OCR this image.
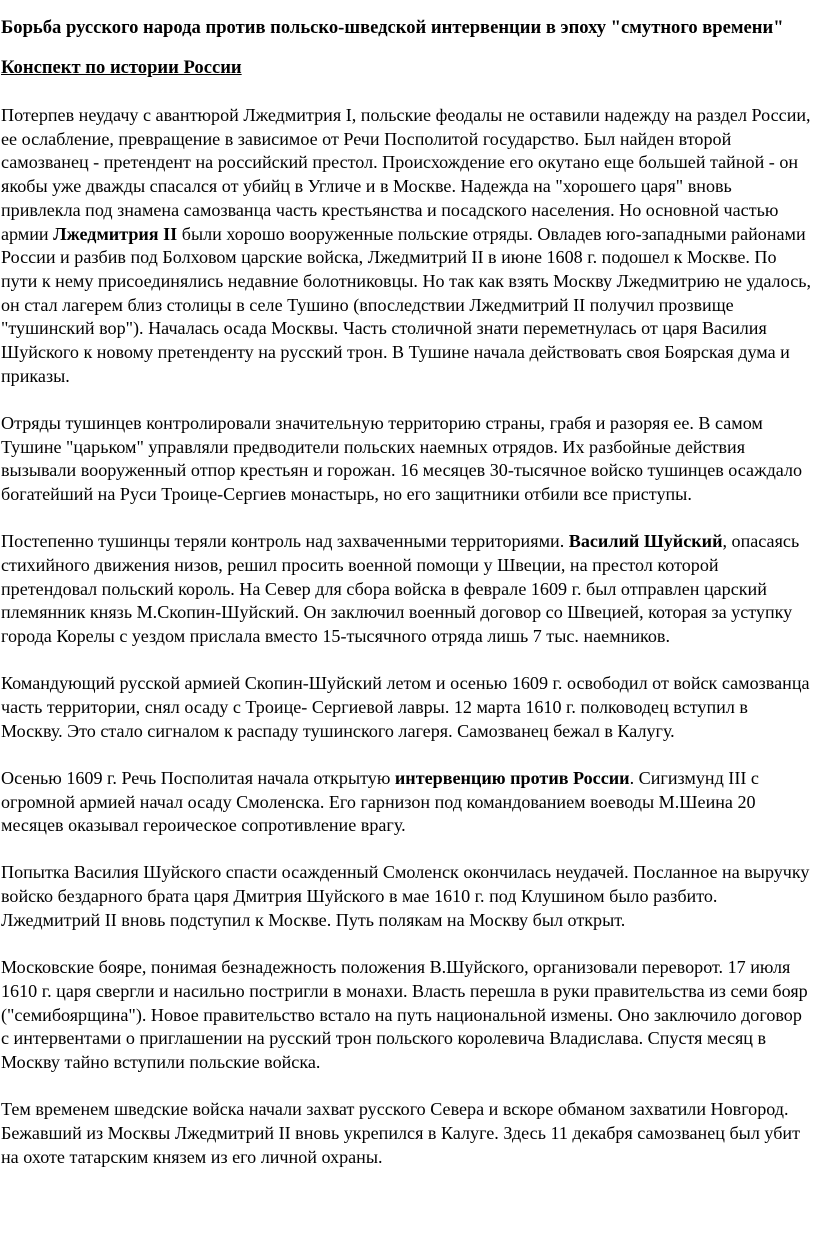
Борьба русского народа против польско-шведской интервенции в эпоху "смутного времени"
Конспект по истории России

Потерпев неудачу с авантюрой Лжедмитрия I, польские феодалы не оставили надежду на раздел России, ее ослабление, превращение в зависимое от Речи Посполитой государство. Был найден второй самозванец - претендент на российский престол. Происхождение его окутано еще большей тайной - он якобы уже дважды спасался от убийц в Угличе и в Москве. Надежда на "хорошего царя" вновь привлекла под знамена самозванца часть крестьянства и посадского населения. Но основной частью армии Лжедмитрия II были хорошо вооруженные польские отряды. Овладев юго-западными районами России и разбив под Болховом царские войска, Лжедмитрий II в июне 1608 г. подошел к Москве. По пути к нему присоединялись недавние болотниковцы. Но так как взять Москву Лжедмитрию не удалось, он стал лагерем близ столицы в селе Тушино (впоследствии Лжедмитрий II получил прозвище "тушинский вор"). Началась осада Москвы. Часть столичной знати переметнулась от царя Василия Шуйского к новому претенденту на русский трон. В Тушине начала действовать своя Боярская дума и приказы.

Отряды тушинцев контролировали значительную территорию страны, грабя и разоряя ее. В самом Тушине "царьком" управляли предводители польских наемных отрядов. Их разбойные действия вызывали вооруженный отпор крестьян и горожан. 16 месяцев 30-тысячное войско тушинцев осаждало богатейший на Руси Троице-Сергиев монастырь, но его защитники отбили все приступы.

Постепенно тушинцы теряли контроль над захваченными территориями. Василий Шуйский, опасаясь стихийного движения низов, решил просить военной помощи у Швеции, на престол которой претендовал польский король. На Север для сбора войска в феврале 1609 г. был отправлен царский племянник князь М.Скопин-Шуйский. Он заключил военный договор со Швецией, которая за уступку города Корелы с уездом прислала вместо 15-тысячного отряда лишь 7 тыс. наемников.

Командующий русской армией Скопин-Шуйский летом и осенью 1609 г. освободил от войск самозванца часть территории, снял осаду с Троице- Сергиевой лавры. 12 марта 1610 г. полководец вступил в Москву. Это стало сигналом к распаду тушинского лагеря. Самозванец бежал в Калугу.

Осенью 1609 г. Речь Посполитая начала открытую интервенцию против России. Сигизмунд III с огромной армией начал осаду Смоленска. Его гарнизон под командованием воеводы М.Шеина 20 месяцев оказывал героическое сопротивление врагу.

Попытка Василия Шуйского спасти осажденный Смоленск окончилась неудачей. Посланное на выручку войско бездарного брата царя Дмитрия Шуйского в мае 1610 г. под Клушином было разбито. Лжедмитрий II вновь подступил к Москве. Путь полякам на Москву был открыт.

Московские бояре, понимая безнадежность положения В.Шуйского, организовали переворот. 17 июля 1610 г. царя свергли и насильно постригли в монахи. Власть перешла в руки правительства из семи бояр ("семибоярщина"). Новое правительство встало на путь национальной измены. Оно заключило договор с интервентами о приглашении на русский трон польского королевича Владислава. Спустя месяц в Москву тайно вступили польские войска.

Тем временем шведские войска начали захват русского Севера и вскоре обманом захватили Новгород. Бежавший из Москвы Лжедмитрий II вновь укрепился в Калуге. Здесь 11 декабря самозванец был убит на охоте татарским князем из его личной охраны.
